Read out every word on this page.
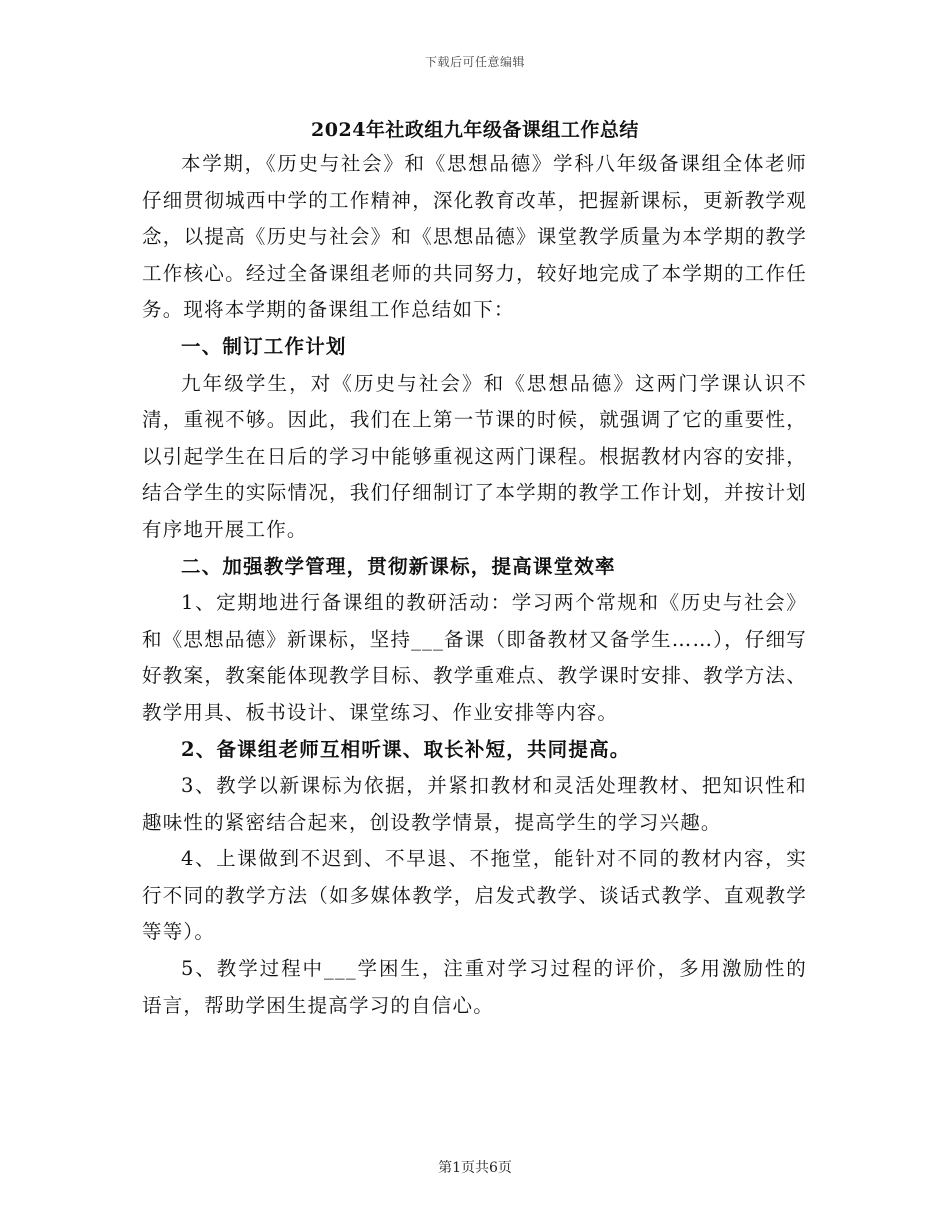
下载后可任意编辑
2024年社政组九年级备课组工作总结

本学期，《历史与社会》和《思想品德》学科八年级备课组全体老师仔细贯彻城西中学的工作精神，深化教育改革，把握新课标，更新教学观念，以提高《历史与社会》和《思想品德》课堂教学质量为本学期的教学工作核心。经过全备课组老师的共同努力，较好地完成了本学期的工作任务。现将本学期的备课组工作总结如下：

一、制订工作计划

九年级学生，对《历史与社会》和《思想品德》这两门学课认识不清，重视不够。因此，我们在上第一节课的时候，就强调了它的重要性，以引起学生在日后的学习中能够重视这两门课程。根据教材内容的安排，结合学生的实际情况，我们仔细制订了本学期的教学工作计划，并按计划有序地开展工作。

二、加强教学管理，贯彻新课标，提高课堂效率

1、定期地进行备课组的教研活动：学习两个常规和《历史与社会》和《思想品德》新课标，坚持___备课（即备教材又备学生……），仔细写好教案，教案能体现教学目标、教学重难点、教学课时安排、教学方法、教学用具、板书设计、课堂练习、作业安排等内容。

2、备课组老师互相听课、取长补短，共同提高。

3、教学以新课标为依据，并紧扣教材和灵活处理教材、把知识性和趣味性的紧密结合起来，创设教学情景，提高学生的学习兴趣。

4、上课做到不迟到、不早退、不拖堂，能针对不同的教材内容，实行不同的教学方法（如多媒体教学，启发式教学、谈话式教学、直观教学等等）。

5、教学过程中___学困生，注重对学习过程的评价，多用激励性的语言，帮助学困生提高学习的自信心。

第1页共6页
